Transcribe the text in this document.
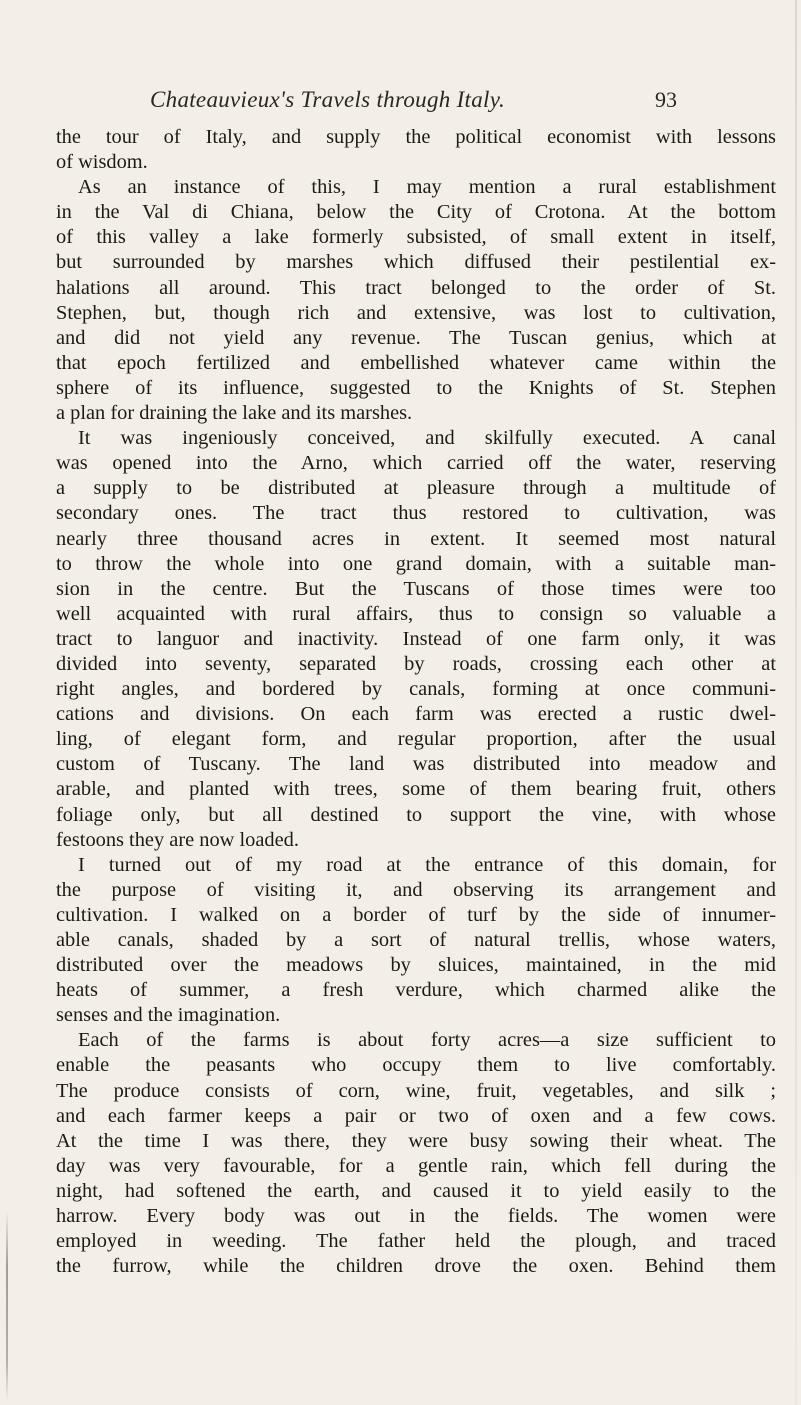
Chateauvieux's Travels through Italy.	93
the tour of Italy, and supply the political economist with lessons
of wisdom.
As an instance of this, I may mention a rural establishment
in the Val di Chiana, below the City of Crotona. At the bottom
of this valley a lake formerly subsisted, of small extent in itself,
but surrounded by marshes which diffused their pestilential ex-
halations all around. This tract belonged to the order of St.
Stephen, but, though rich and extensive, was lost to cultivation,
and did not yield any revenue. The Tuscan genius, which at
that epoch fertilized and embellished whatever came within the
sphere of its influence, suggested to the Knights of St. Stephen
a plan for draining the lake and its marshes.
It was ingeniously conceived, and skilfully executed. A canal
was opened into the Arno, which carried off the water, reserving
a supply to be distributed at pleasure through a multitude of
secondary ones. The tract thus restored to cultivation, was
nearly three thousand acres in extent. It seemed most natural
to throw the whole into one grand domain, with a suitable man-
sion in the centre. But the Tuscans of those times were too
well acquainted with rural affairs, thus to consign so valuable a
tract to languor and inactivity. Instead of one farm only, it was
divided into seventy, separated by roads, crossing each other at
right angles, and bordered by canals, forming at once communi-
cations and divisions. On each farm was erected a rustic dwel-
ling, of elegant form, and regular proportion, after the usual
custom of Tuscany. The land was distributed into meadow and
arable, and planted with trees, some of them bearing fruit, others
foliage only, but all destined to support the vine, with whose
festoons they are now loaded.
I turned out of my road at the entrance of this domain, for
the purpose of visiting it, and observing its arrangement and
cultivation. I walked on a border of turf by the side of innumer-
able canals, shaded by a sort of natural trellis, whose waters,
distributed over the meadows by sluices, maintained, in the mid
heats of summer, a fresh verdure, which charmed alike the
senses and the imagination.
Each of the farms is about forty acres—a size sufficient to
enable the peasants who occupy them to live comfortably.
The produce consists of corn, wine, fruit, vegetables, and silk ;
and each farmer keeps a pair or two of oxen and a few cows.
At the time I was there, they were busy sowing their wheat. The
day was very favourable, for a gentle rain, which fell during the
night, had softened the earth, and caused it to yield easily to the
harrow. Every body was out in the fields. The women were
employed in weeding. The father held the plough, and traced
the furrow, while the children drove the oxen. Behind them
